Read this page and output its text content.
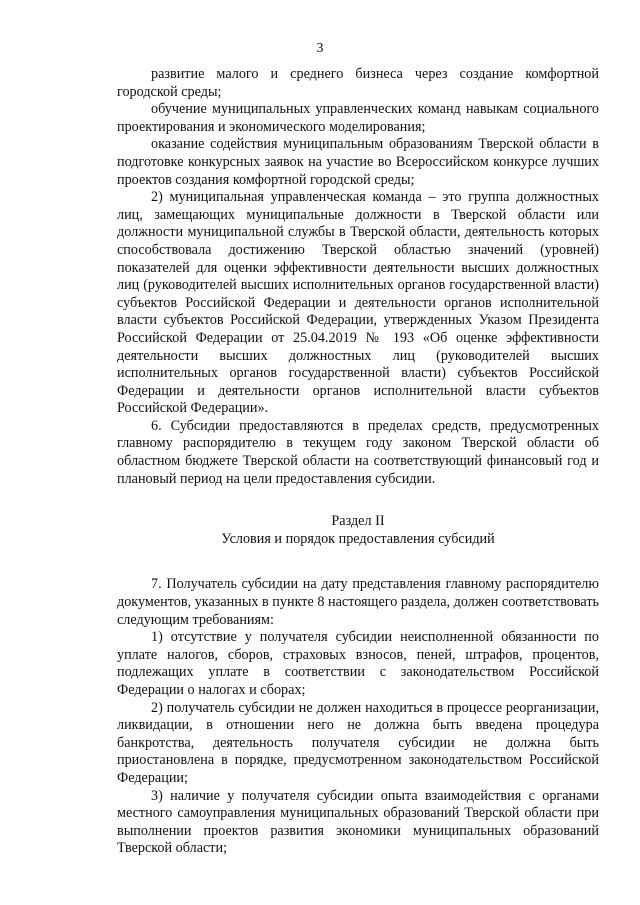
3

развитие малого и среднего бизнеса через создание комфортной городской среды;

обучение муниципальных управленческих команд навыкам социального проектирования и экономического моделирования;

оказание содействия муниципальным образованиям Тверской области в подготовке конкурсных заявок на участие во Всероссийском конкурсе лучших проектов создания комфортной городской среды;

2) муниципальная управленческая команда – это группа должностных лиц, замещающих муниципальные должности в Тверской области или должности муниципальной службы в Тверской области, деятельность которых способствовала достижению Тверской областью значений (уровней) показателей для оценки эффективности деятельности высших должностных лиц (руководителей высших исполнительных органов государственной власти) субъектов Российской Федерации и деятельности органов исполнительной власти субъектов Российской Федерации, утвержденных Указом Президента Российской Федерации от 25.04.2019 № 193 «Об оценке эффективности деятельности высших должностных лиц (руководителей высших исполнительных органов государственной власти) субъектов Российской Федерации и деятельности органов исполнительной власти субъектов Российской Федерации».

6. Субсидии предоставляются в пределах средств, предусмотренных главному распорядителю в текущем году законом Тверской области об областном бюджете Тверской области на соответствующий финансовый год и плановый период на цели предоставления субсидии.

Раздел II

Условия и порядок предоставления субсидий

7. Получатель субсидии на дату представления главному распорядителю документов, указанных в пункте 8 настоящего раздела, должен соответствовать следующим требованиям:

1) отсутствие у получателя субсидии неисполненной обязанности по уплате налогов, сборов, страховых взносов, пеней, штрафов, процентов, подлежащих уплате в соответствии с законодательством Российской Федерации о налогах и сборах;

2) получатель субсидии не должен находиться в процессе реорганизации, ликвидации, в отношении него не должна быть введена процедура банкротства, деятельность получателя субсидии не должна быть приостановлена в порядке, предусмотренном законодательством Российской Федерации;

3) наличие у получателя субсидии опыта взаимодействия с органами местного самоуправления муниципальных образований Тверской области при выполнении проектов развития экономики муниципальных образований Тверской области;
